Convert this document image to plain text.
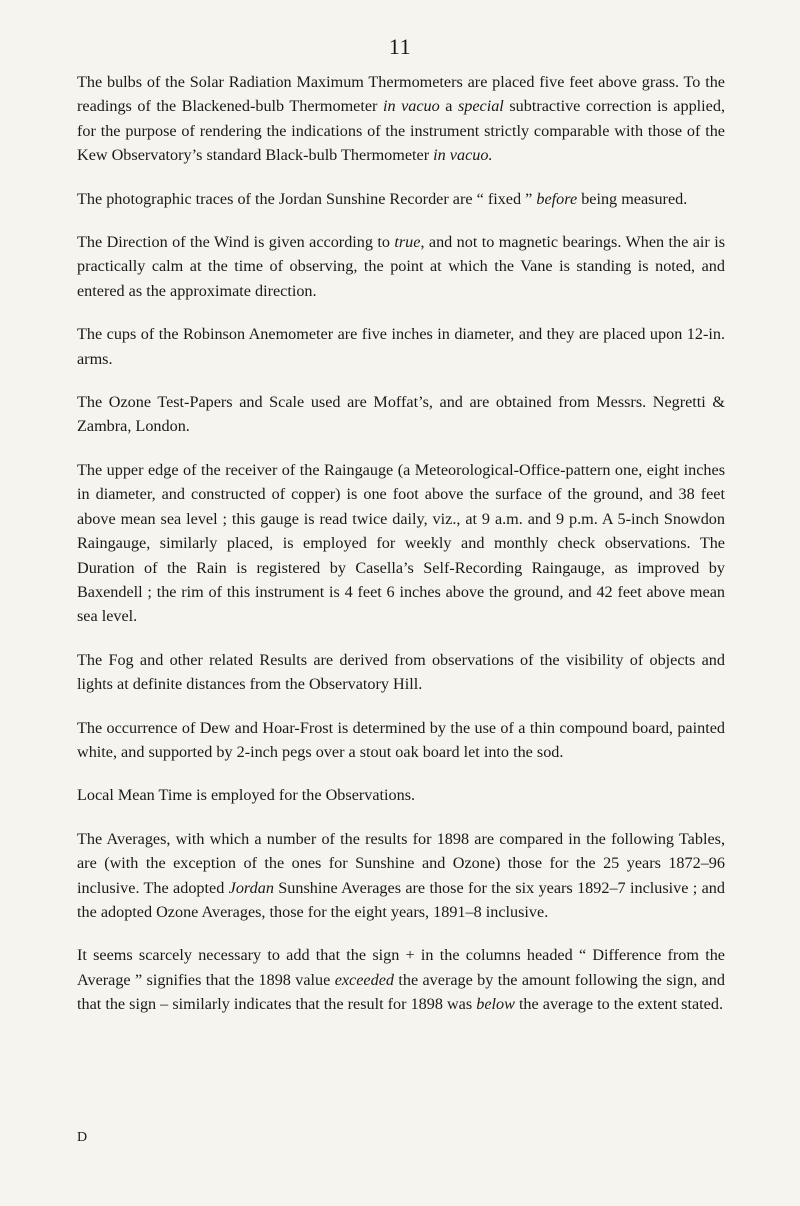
11

The bulbs of the Solar Radiation Maximum Thermometers are placed five feet above grass. To the readings of the Blackened-bulb Thermometer in vacuo a special subtractive correction is applied, for the purpose of rendering the indications of the instrument strictly comparable with those of the Kew Observatory’s standard Black-bulb Thermometer in vacuo.

The photographic traces of the Jordan Sunshine Recorder are “ fixed ” before being measured.

The Direction of the Wind is given according to true, and not to magnetic bearings. When the air is practically calm at the time of observing, the point at which the Vane is standing is noted, and entered as the approximate direction.

The cups of the Robinson Anemometer are five inches in diameter, and they are placed upon 12-in. arms.

The Ozone Test-Papers and Scale used are Moffat’s, and are obtained from Messrs. Negretti & Zambra, London.

The upper edge of the receiver of the Raingauge (a Meteorological-Office-pattern one, eight inches in diameter, and constructed of copper) is one foot above the surface of the ground, and 38 feet above mean sea level ; this gauge is read twice daily, viz., at 9 a.m. and 9 p.m. A 5-inch Snowdon Raingauge, similarly placed, is employed for weekly and monthly check observations. The Duration of the Rain is registered by Casella’s Self-Recording Raingauge, as improved by Baxendell ; the rim of this instrument is 4 feet 6 inches above the ground, and 42 feet above mean sea level.

The Fog and other related Results are derived from observations of the visibility of objects and lights at definite distances from the Observatory Hill.

The occurrence of Dew and Hoar-Frost is determined by the use of a thin compound board, painted white, and supported by 2-inch pegs over a stout oak board let into the sod.

Local Mean Time is employed for the Observations.

The Averages, with which a number of the results for 1898 are compared in the following Tables, are (with the exception of the ones for Sunshine and Ozone) those for the 25 years 1872–96 inclusive. The adopted Jordan Sunshine Averages are those for the six years 1892–7 inclusive ; and the adopted Ozone Averages, those for the eight years, 1891–8 inclusive.

It seems scarcely necessary to add that the sign + in the columns headed “ Difference from the Average ” signifies that the 1898 value exceeded the average by the amount following the sign, and that the sign – similarly indicates that the result for 1898 was below the average to the extent stated.

D
